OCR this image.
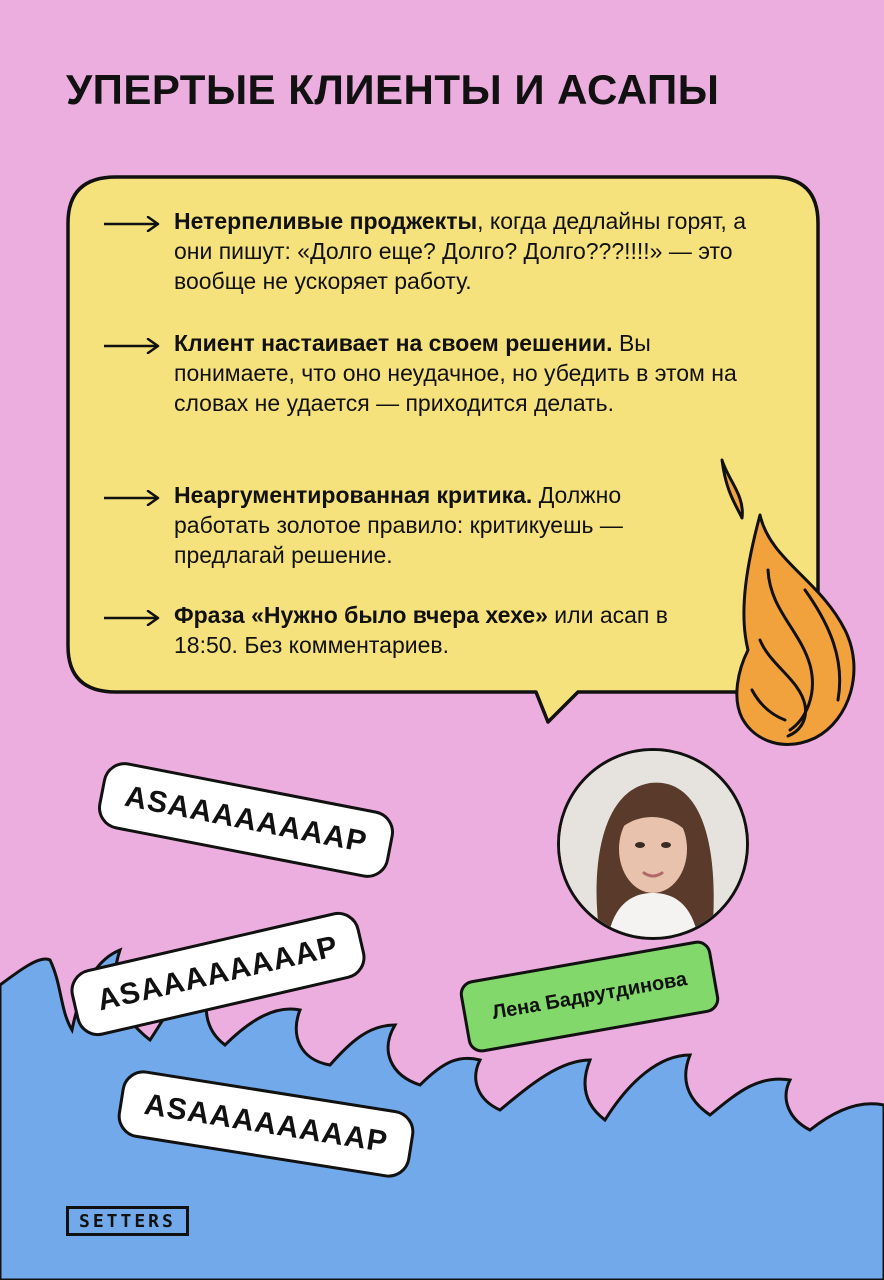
УПЕРТЫЕ КЛИЕНТЫ И АСАПЫ
Нетерпеливые проджекты, когда дедлайны горят, а они пишут: «Долго еще? Долго? Долго???!!!!» — это вообще не ускоряет работу.
Клиент настаивает на своем решении. Вы понимаете, что оно неудачное, но убедить в этом на словах не удается — приходится делать.
Неаргументированная критика. Должно работать золотое правило: критикуешь — предлагай решение.
Фраза «Нужно было вчера хехе» или асап в 18:50. Без комментариев.
ASAAAAAAAAP
ASAAAAAAAAP
ASAAAAAAAAP
Лена Бадрутдинова
SETTERS
